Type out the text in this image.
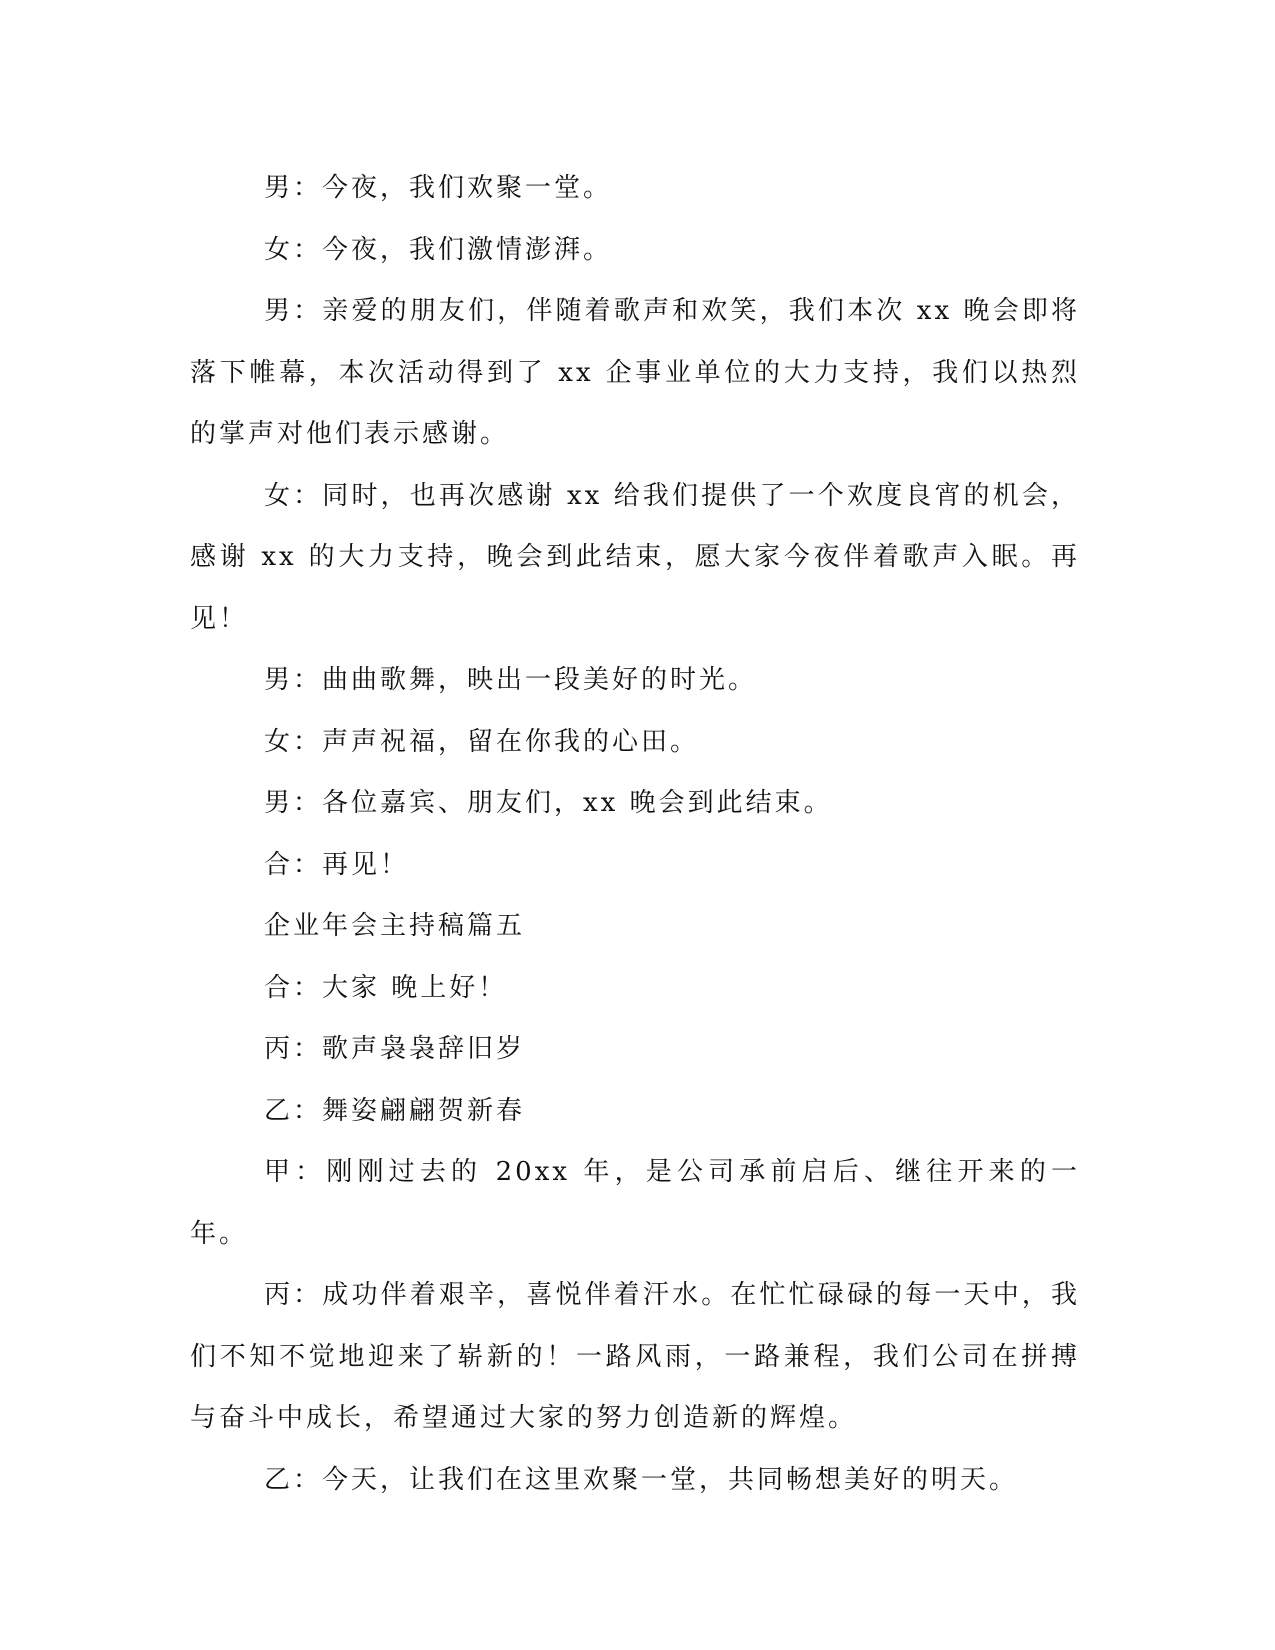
男：今夜，我们欢聚一堂。

女：今夜，我们激情澎湃。

男：亲爱的朋友们，伴随着歌声和欢笑，我们本次 xx 晚会即将落下帷幕，本次活动得到了 xx 企事业单位的大力支持，我们以热烈的掌声对他们表示感谢。

女：同时，也再次感谢 xx 给我们提供了一个欢度良宵的机会，感谢 xx 的大力支持，晚会到此结束，愿大家今夜伴着歌声入眠。再见！

男：曲曲歌舞，映出一段美好的时光。

女：声声祝福，留在你我的心田。

男：各位嘉宾、朋友们，xx 晚会到此结束。

合：再见！

企业年会主持稿篇五

合：大家 晚上好！

丙：歌声袅袅辞旧岁

乙：舞姿翩翩贺新春

甲：刚刚过去的 20xx 年，是公司承前启后、继往开来的一年。

丙：成功伴着艰辛，喜悦伴着汗水。在忙忙碌碌的每一天中，我们不知不觉地迎来了崭新的！一路风雨，一路兼程，我们公司在拼搏与奋斗中成长，希望通过大家的努力创造新的辉煌。

乙：今天，让我们在这里欢聚一堂，共同畅想美好的明天。
